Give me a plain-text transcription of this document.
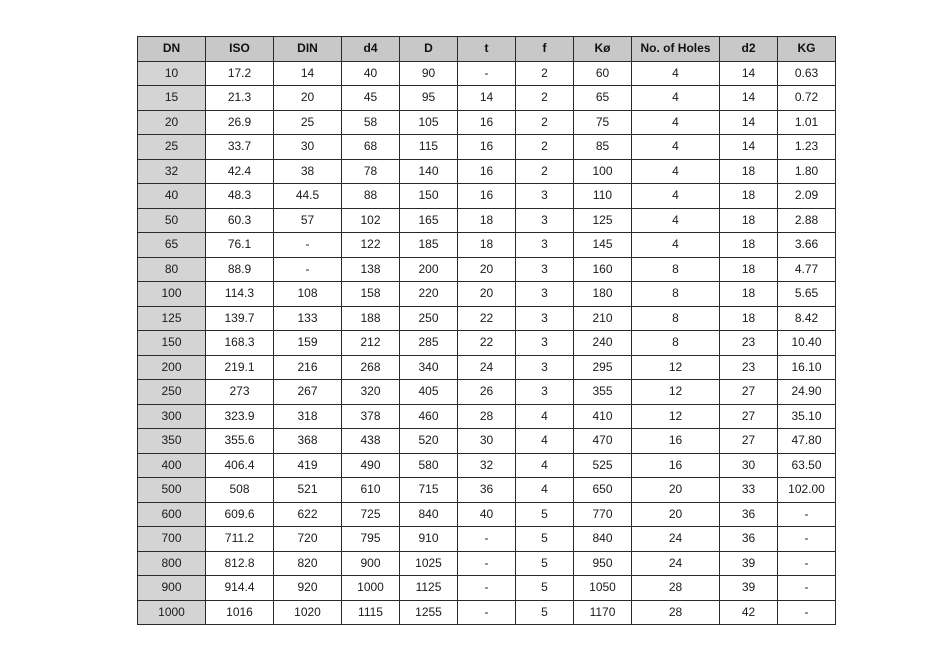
DN	ISO	DIN	d4	D	t	f	Kø	No. of Holes	d2	KG
10	17.2	14	40	90	-	2	60	4	14	0.63
15	21.3	20	45	95	14	2	65	4	14	0.72
20	26.9	25	58	105	16	2	75	4	14	1.01
25	33.7	30	68	115	16	2	85	4	14	1.23
32	42.4	38	78	140	16	2	100	4	18	1.80
40	48.3	44.5	88	150	16	3	110	4	18	2.09
50	60.3	57	102	165	18	3	125	4	18	2.88
65	76.1	-	122	185	18	3	145	4	18	3.66
80	88.9	-	138	200	20	3	160	8	18	4.77
100	114.3	108	158	220	20	3	180	8	18	5.65
125	139.7	133	188	250	22	3	210	8	18	8.42
150	168.3	159	212	285	22	3	240	8	23	10.40
200	219.1	216	268	340	24	3	295	12	23	16.10
250	273	267	320	405	26	3	355	12	27	24.90
300	323.9	318	378	460	28	4	410	12	27	35.10
350	355.6	368	438	520	30	4	470	16	27	47.80
400	406.4	419	490	580	32	4	525	16	30	63.50
500	508	521	610	715	36	4	650	20	33	102.00
600	609.6	622	725	840	40	5	770	20	36	-
700	711.2	720	795	910	-	5	840	24	36	-
800	812.8	820	900	1025	-	5	950	24	39	-
900	914.4	920	1000	1125	-	5	1050	28	39	-
1000	1016	1020	1115	1255	-	5	1170	28	42	-
